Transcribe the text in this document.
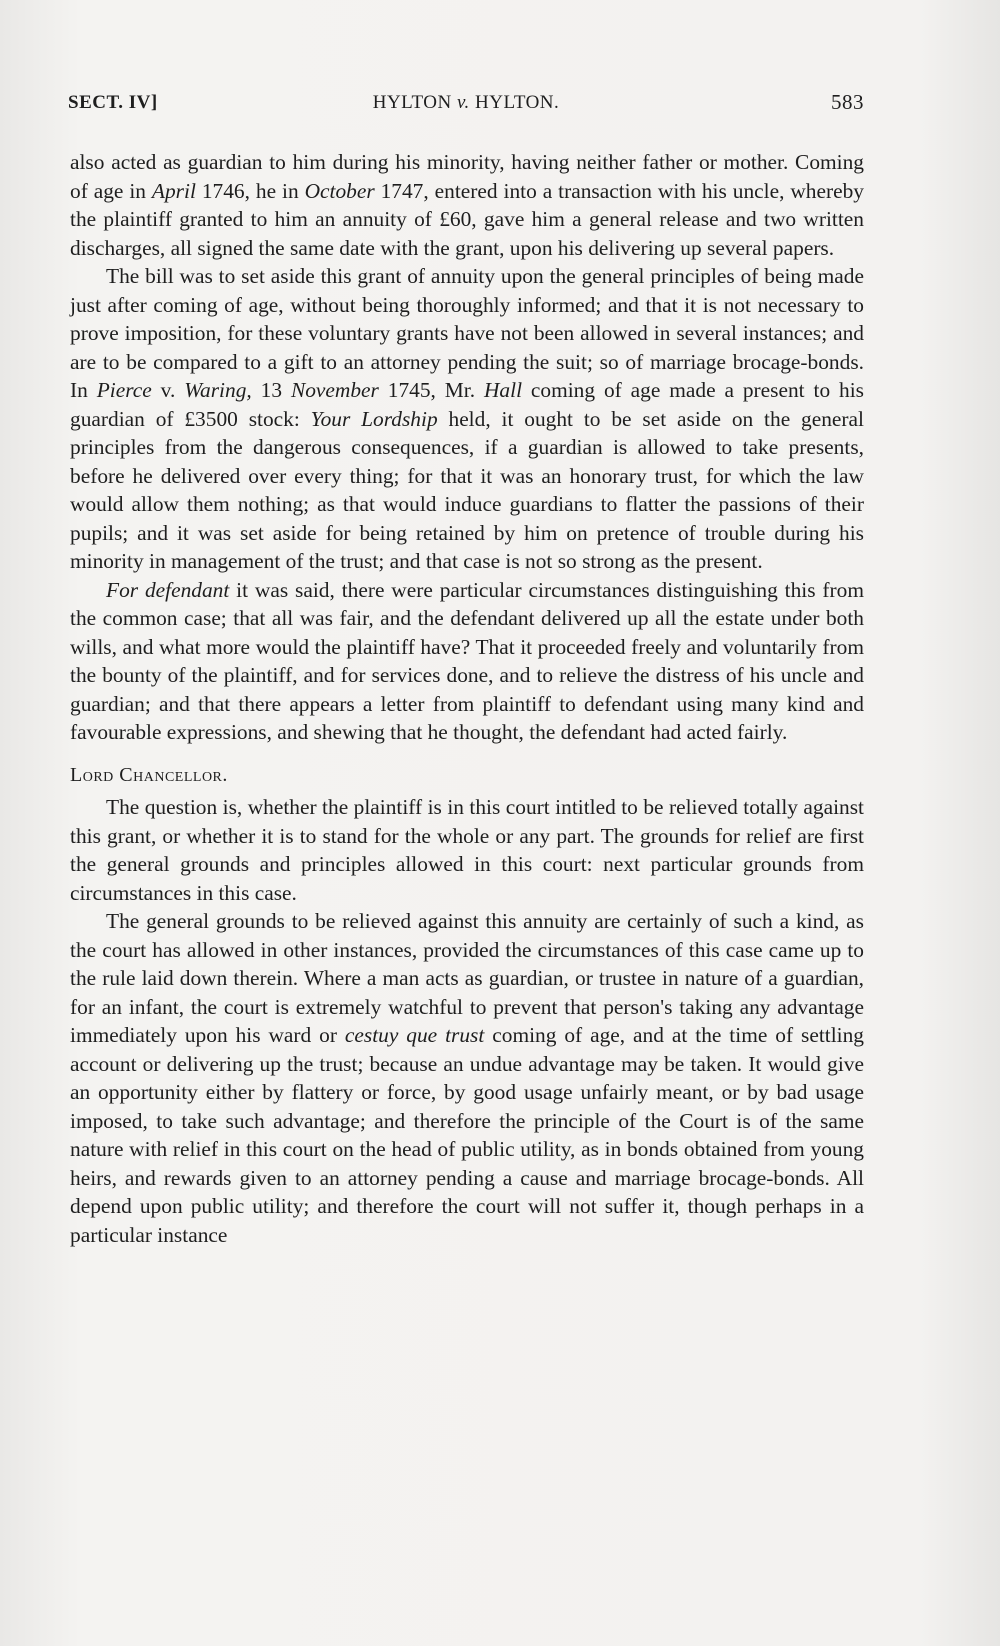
SECT. IV]	HYLTON v. HYLTON.	583

also acted as guardian to him during his minority, having neither father or mother. Coming of age in April 1746, he in October 1747, entered into a transaction with his uncle, whereby the plaintiff granted to him an annuity of £60, gave him a general release and two written discharges, all signed the same date with the grant, upon his delivering up several papers.

The bill was to set aside this grant of annuity upon the general principles of being made just after coming of age, without being thoroughly informed; and that it is not necessary to prove imposition, for these voluntary grants have not been allowed in several instances; and are to be compared to a gift to an attorney pending the suit; so of marriage brocage-bonds. In Pierce v. Waring, 13 November 1745, Mr. Hall coming of age made a present to his guardian of £3500 stock: Your Lordship held, it ought to be set aside on the general principles from the dangerous consequences, if a guardian is allowed to take presents, before he delivered over every thing; for that it was an honorary trust, for which the law would allow them nothing; as that would induce guardians to flatter the passions of their pupils; and it was set aside for being retained by him on pretence of trouble during his minority in management of the trust; and that case is not so strong as the present.

For defendant it was said, there were particular circumstances distinguishing this from the common case; that all was fair, and the defendant delivered up all the estate under both wills, and what more would the plaintiff have? That it proceeded freely and voluntarily from the bounty of the plaintiff, and for services done, and to relieve the distress of his uncle and guardian; and that there appears a letter from plaintiff to defendant using many kind and favourable expressions, and shewing that he thought, the defendant had acted fairly.

Lord Chancellor.

The question is, whether the plaintiff is in this court intitled to be relieved totally against this grant, or whether it is to stand for the whole or any part. The grounds for relief are first the general grounds and principles allowed in this court: next particular grounds from circumstances in this case.

The general grounds to be relieved against this annuity are certainly of such a kind, as the court has allowed in other instances, provided the circumstances of this case came up to the rule laid down therein. Where a man acts as guardian, or trustee in nature of a guardian, for an infant, the court is extremely watchful to prevent that person's taking any advantage immediately upon his ward or cestuy que trust coming of age, and at the time of settling account or delivering up the trust; because an undue advantage may be taken. It would give an opportunity either by flattery or force, by good usage unfairly meant, or by bad usage imposed, to take such advantage; and therefore the principle of the Court is of the same nature with relief in this court on the head of public utility, as in bonds obtained from young heirs, and rewards given to an attorney pending a cause and marriage brocage-bonds. All depend upon public utility; and therefore the court will not suffer it, though perhaps in a particular instance
